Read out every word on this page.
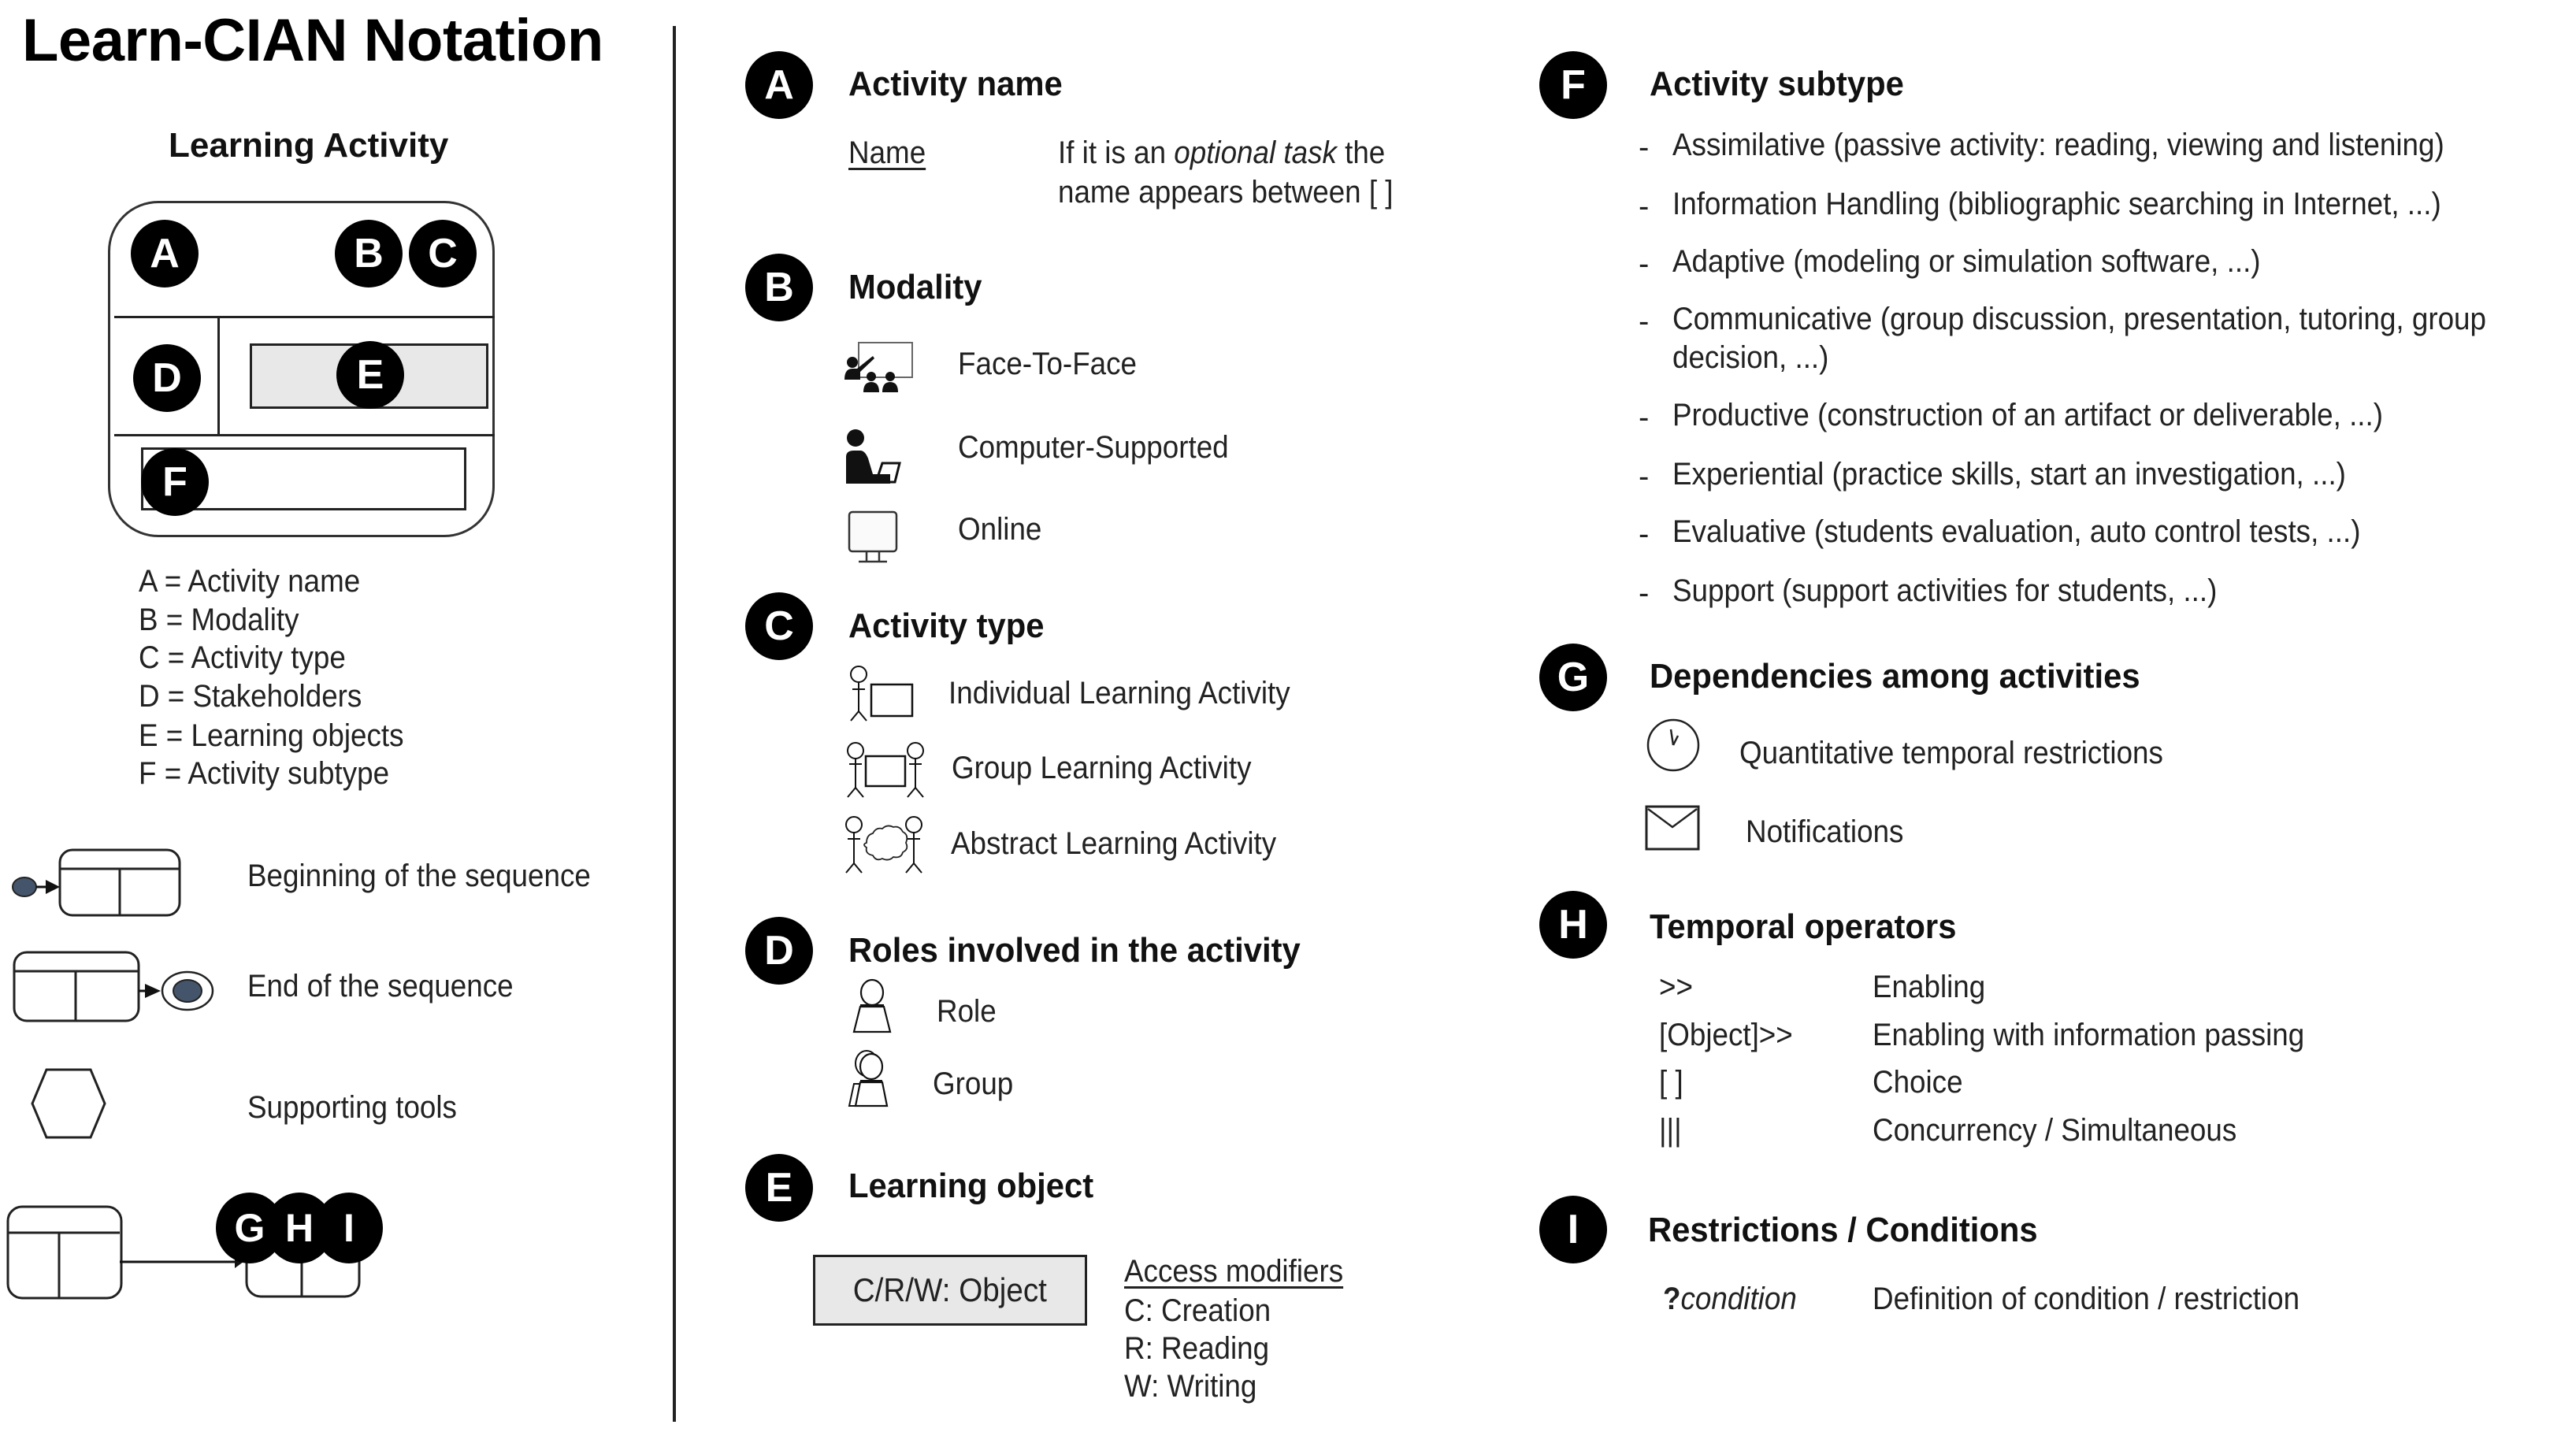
Learn-CIAN Notation
Learning Activity
A	B	C
D	E
F
A = Activity name
B = Modality
C = Activity type
D = Stakeholders
E = Learning objects
F = Activity subtype
Beginning of the sequence
End of the sequence
Supporting tools
G H I
A	Activity name
Name	If it is an optional task the
name appears between [ ]
B	Modality
Face-To-Face
Computer-Supported
Online
C	Activity type
Individual Learning Activity
Group Learning Activity
Abstract Learning Activity
D	Roles involved in the activity
Role
Group
E	Learning object
C/R/W: Object Access modifiers
C: Creation
R: Reading
W: Writing
F	Activity subtype
- Assimilative (passive activity: reading, viewing and listening)
- Information Handling (bibliographic searching in Internet, ...)
- Adaptive (modeling or simulation software, ...)
- Communicative (group discussion, presentation, tutoring, group
decision, ...)
- Productive (construction of an artifact or deliverable, ...)
- Experiential (practice skills, start an investigation, ...)
- Evaluative (students evaluation, auto control tests, ...)
- Support (support activities for students, ...)
G	Dependencies among activities
Quantitative temporal restrictions
Notifications
H	Temporal operators
>>	Enabling
[Object]>>	Enabling with information passing
[ ]	Choice
|||	Concurrency / Simultaneous
I	Restrictions / Conditions
?condition Definition of condition / restriction
